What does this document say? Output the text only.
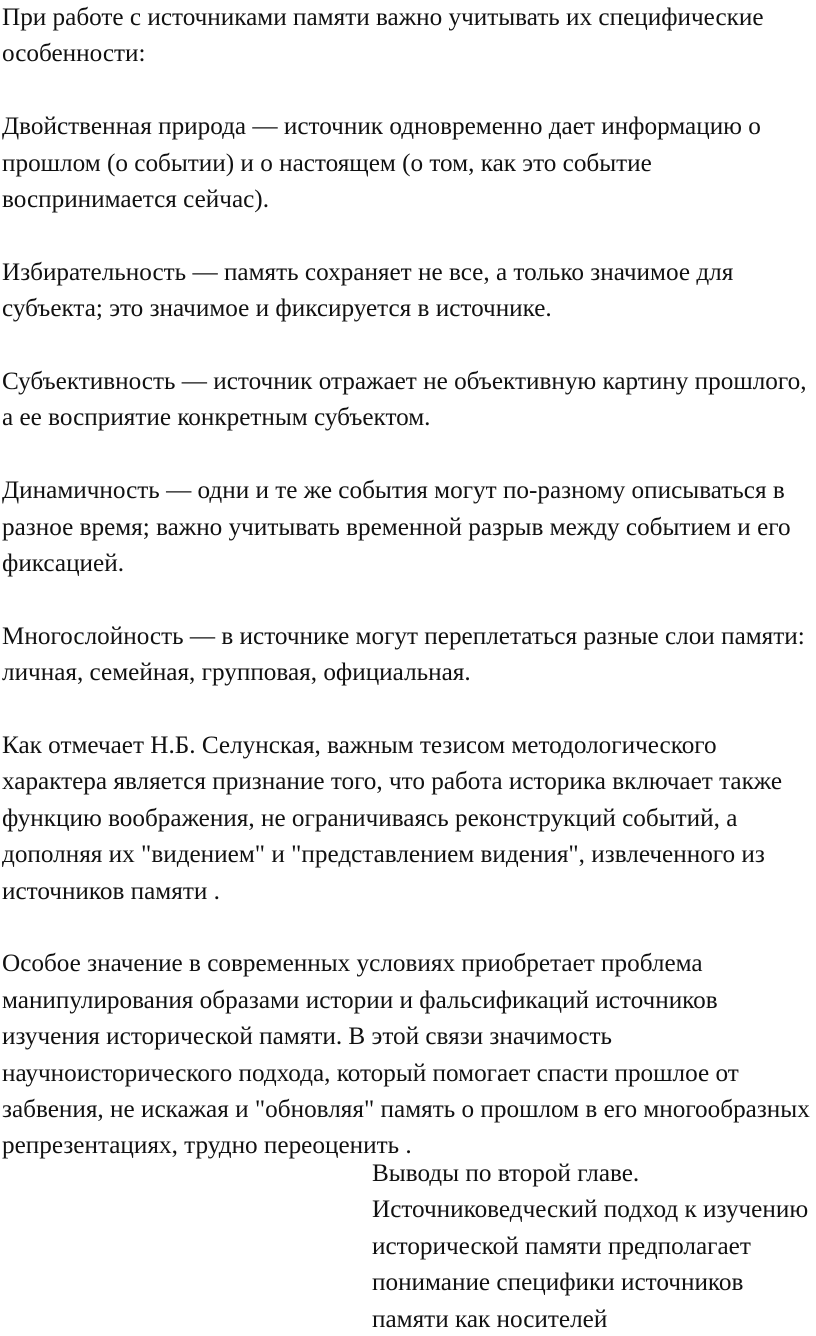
При работе с источниками памяти важно учитывать их специфические особенности:

Двойственная природа — источник одновременно дает информацию о прошлом (о событии) и о настоящем (о том, как это событие воспринимается сейчас).

Избирательность — память сохраняет не все, а только значимое для субъекта; это значимое и фиксируется в источнике.

Субъективность — источник отражает не объективную картину прошлого, а ее восприятие конкретным субъектом.

Динамичность — одни и те же события могут по-разному описываться в разное время; важно учитывать временной разрыв между событием и его фиксацией.

Многослойность — в источнике могут переплетаться разные слои памяти: личная, семейная, групповая, официальная.

Как отмечает Н.Б. Селунская, важным тезисом методологического характера является признание того, что работа историка включает также функцию воображения, не ограничиваясь реконструкций событий, а дополняя их "видением" и "представлением видения", извлеченного из источников памяти .

Особое значение в современных условиях приобретает проблема манипулирования образами истории и фальсификаций источников изучения исторической памяти. В этой связи значимость научноисторического подхода, который помогает спасти прошлое от забвения, не искажая и "обновляя" память о прошлом в его многообразных репрезентациях, трудно переоценить .

Выводы по второй главе.

Источниковедческий подход к изучению исторической памяти предполагает понимание специфики источников памяти как носителей
